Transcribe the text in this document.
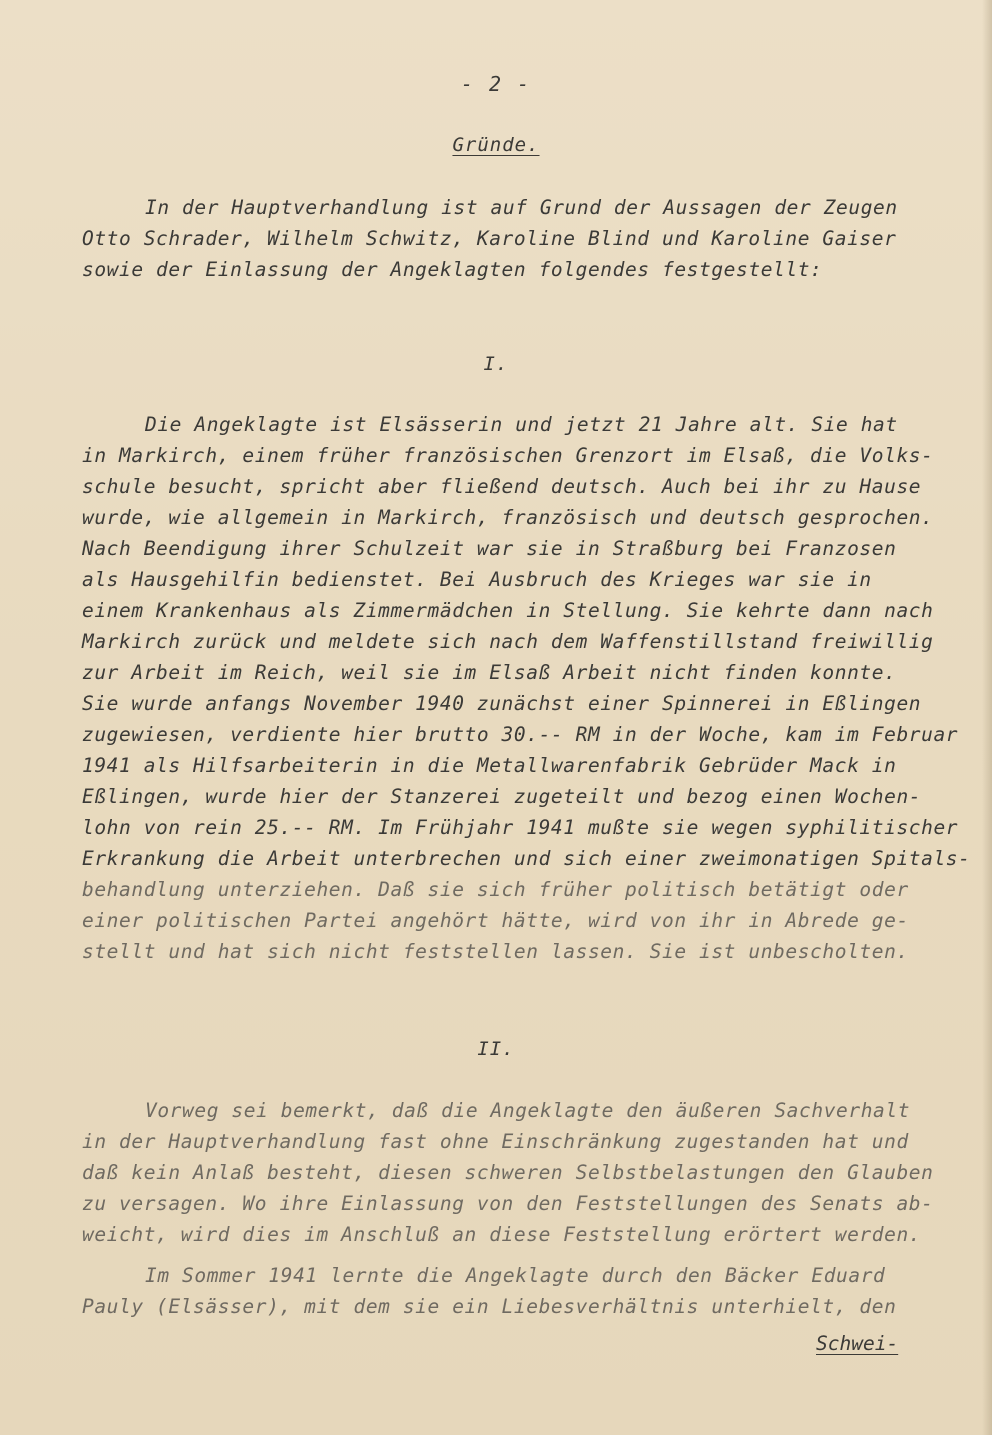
- 2 -
Gründe.
In der Hauptverhandlung ist auf Grund der Aussagen der Zeugen
Otto Schrader, Wilhelm Schwitz, Karoline Blind und Karoline Gaiser
sowie der Einlassung der Angeklagten folgendes festgestellt:
I.
Die Angeklagte ist Elsässerin und jetzt 21 Jahre alt. Sie hat
in Markirch, einem früher französischen Grenzort im Elsaß, die Volks-
schule besucht, spricht aber fließend deutsch. Auch bei ihr zu Hause
wurde, wie allgemein in Markirch, französisch und deutsch gesprochen.
Nach Beendigung ihrer Schulzeit war sie in Straßburg bei Franzosen
als Hausgehilfin bedienstet. Bei Ausbruch des Krieges war sie in
einem Krankenhaus als Zimmermädchen in Stellung. Sie kehrte dann nach
Markirch zurück und meldete sich nach dem Waffenstillstand freiwillig
zur Arbeit im Reich, weil sie im Elsaß Arbeit nicht finden konnte.
Sie wurde anfangs November 1940 zunächst einer Spinnerei in Eßlingen
zugewiesen, verdiente hier brutto 30.-- RM in der Woche, kam im Februar
1941 als Hilfsarbeiterin in die Metallwarenfabrik Gebrüder Mack in
Eßlingen, wurde hier der Stanzerei zugeteilt und bezog einen Wochen-
lohn von rein 25.-- RM. Im Frühjahr 1941 mußte sie wegen syphilitischer
Erkrankung die Arbeit unterbrechen und sich einer zweimonatigen Spitals-
behandlung unterziehen. Daß sie sich früher politisch betätigt oder
einer politischen Partei angehört hätte, wird von ihr in Abrede ge-
stellt und hat sich nicht feststellen lassen. Sie ist unbescholten.
II.
Vorweg sei bemerkt, daß die Angeklagte den äußeren Sachverhalt
in der Hauptverhandlung fast ohne Einschränkung zugestanden hat und
daß kein Anlaß besteht, diesen schweren Selbstbelastungen den Glauben
zu versagen. Wo ihre Einlassung von den Feststellungen des Senats ab-
weicht, wird dies im Anschluß an diese Feststellung erörtert werden.
Im Sommer 1941 lernte die Angeklagte durch den Bäcker Eduard
Pauly (Elsässer), mit dem sie ein Liebesverhältnis unterhielt, den
Schwei-
